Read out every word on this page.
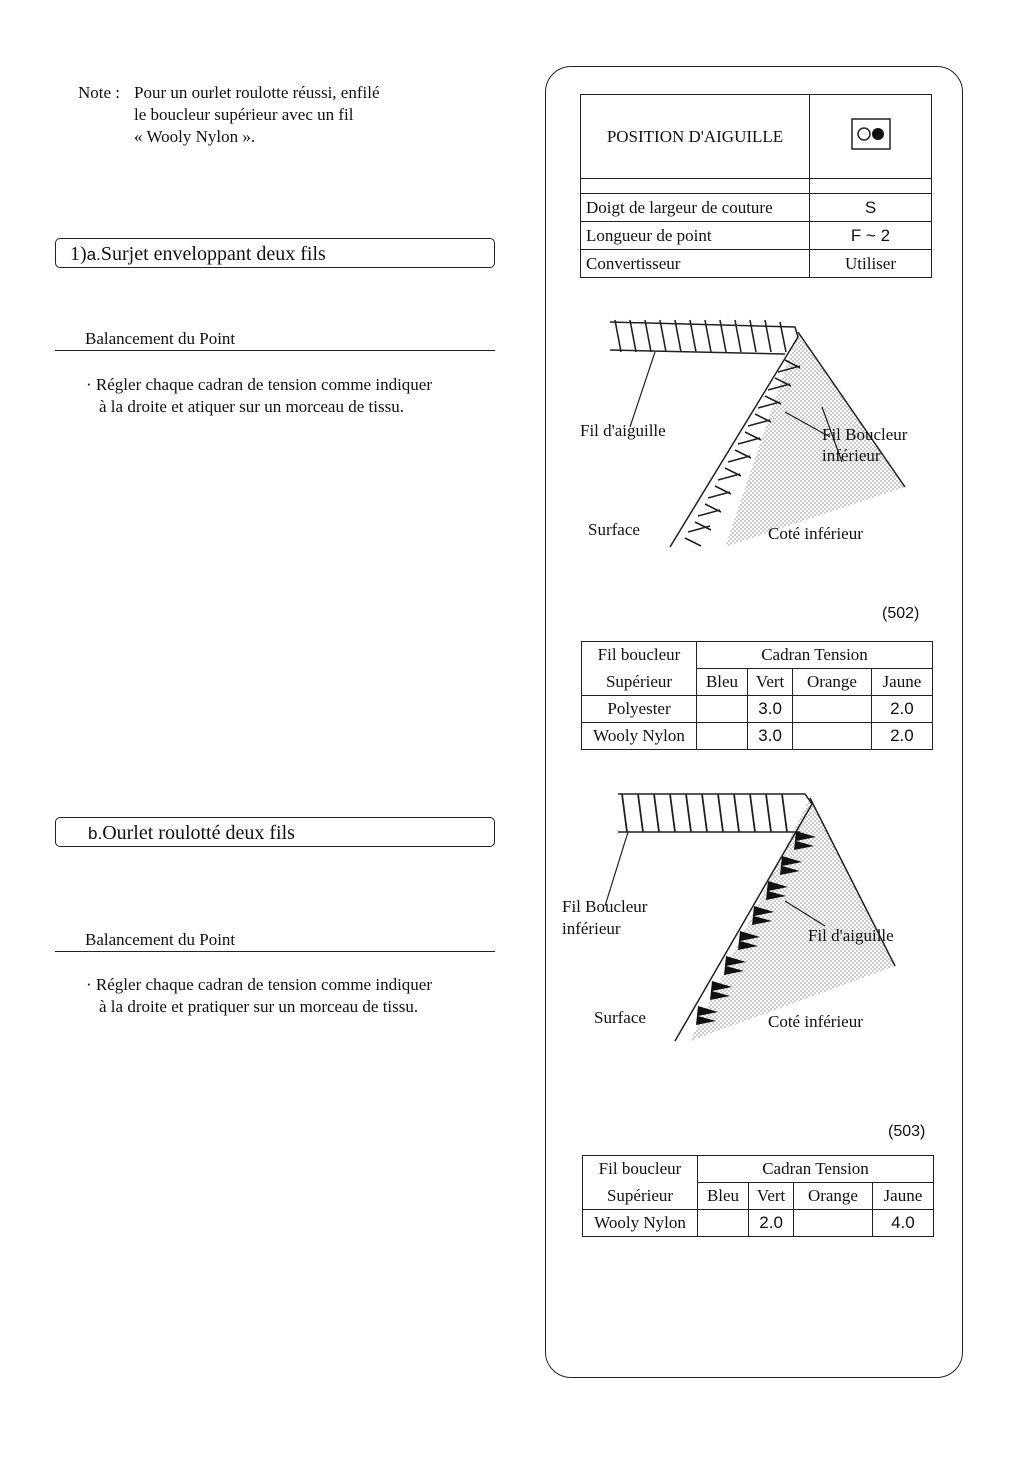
Note : Pour un ourlet roulotte réussi, enfilé
le boucleur supérieur avec un fil
« Wooly Nylon ».
1)a.Surjet enveloppant deux fils
Balancement du Point
· Régler chaque cadran de tension comme indiquer
à la droite et atiquer sur un morceau de tissu.
b.Ourlet roulotté deux fils
Balancement du Point
· Régler chaque cadran de tension comme indiquer
à la droite et pratiquer sur un morceau de tissu.
POSITION D'AIGUILLE	

Doigt de largeur de couture	S
Longueur de point	F ~ 2
Convertisseur	Utiliser
Fil d'aiguille	Fil Boucleur inférieur
Surface	Coté inférieur
(502)
Fil boucleur	Cadran Tension			
Supérieur	Bleu	Vert	Orange	Jaune
Polyester		3.0		2.0
Wooly Nylon		3.0		2.0
Fil Boucleur inférieur	Fil d'aiguille
Surface	Coté inférieur
(503)
Fil boucleur	Cadran Tension			
Supérieur	Bleu	Vert	Orange	Jaune
Wooly Nylon		2.0		4.0
